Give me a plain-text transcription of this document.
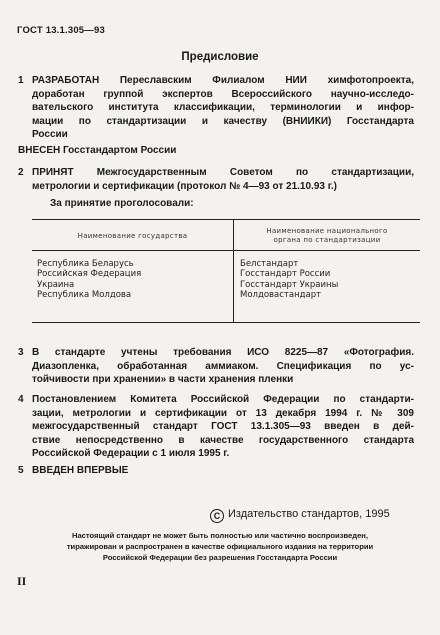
ГОСТ 13.1.305—93
Предисловие
1 РАЗРАБОТАН Переславским Филиалом НИИ химфотопроекта,

доработан группой экспертов Всероссийского научно-исследо-

вательского института классификации, терминологии и инфор-

мации по стандартизации и качеству (ВНИИКИ) Госстандарта

России

ВНЕСЕН Госстандартом России

2 ПРИНЯТ Межгосударственным Советом по стандартизации,

метрологии и сертификации (протокол № 4—93 от 21.10.93 г.)

За принятие проголосовали:
Наименование государства
Наименование национального
органа по стандартизации
Республика Беларусь
Российская Федерация
Украина
Республика Молдова
Белстандарт
Госстандарт России
Госстандарт Украины
Молдовастандарт
3 В стандарте учтены требования ИСО 8225—87 «Фотография.

Диазопленка, обработанная аммиаком. Спецификация по ус-

тойчивости при хранении» в части хранения пленки

4 Постановлением Комитета Российской Федерации по стандарти-

зации, метрологии и сертификации от 13 декабря 1994 г. № 309

межгосударственный стандарт ГОСТ 13.1.305—93 введен в дей-

ствие непосредственно в качестве государственного стандарта

Российской Федерации с 1 июля 1995 г.

5 ВВЕДЕН ВПЕРВЫЕ

С Издательство стандартов, 1995
Настоящий стандарт не может быть полностью или частично воспроизведен,
тиражирован и распространен в качестве официального издания на территории
Российской Федерации без разрешения Госстандарта России
II
